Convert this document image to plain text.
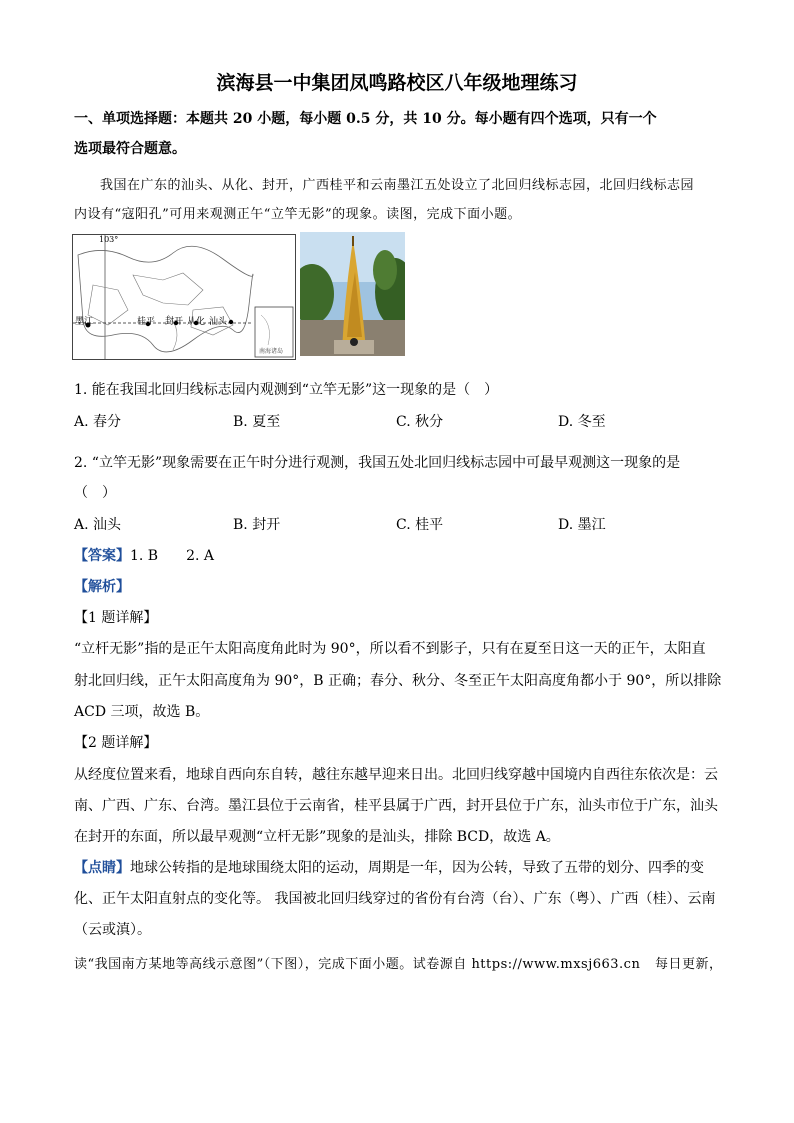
滨海县一中集团凤鸣路校区八年级地理练习
一、单项选择题：本题共 20 小题，每小题 0.5 分，共 10 分。每小题有四个选项，只有一个
选项最符合题意。
我国在广东的汕头、从化、封开，广西桂平和云南墨江五处设立了北回归线标志园，北回归线标志园
内设有“寇阳孔”可用来观测正午“立竿无影”的现象。读图，完成下面小题。
103°
墨江	桂平 封开 从化 汕头
南海诸岛
1. 能在我国北回归线标志园内观测到“立竿无影”这一现象的是（　）
A. 春分	B. 夏至	C. 秋分	D. 冬至
2. “立竿无影”现象需要在正午时分进行观测，我国五处北回归线标志园中可最早观测这一现象的是
（　）
A. 汕头	B. 封开	C. 桂平	D. 墨江
【答案】1. B　　2. A
【解析】
【1 题详解】
“立杆无影”指的是正午太阳高度角此时为 90°，所以看不到影子，只有在夏至日这一天的正午，太阳直
射北回归线，正午太阳高度角为 90°，B 正确；春分、秋分、冬至正午太阳高度角都小于 90°，所以排除
ACD 三项，故选 B。
【2 题详解】
从经度位置来看，地球自西向东自转，越往东越早迎来日出。北回归线穿越中国境内自西往东依次是：云
南、广西、广东、台湾。墨江县位于云南省，桂平县属于广西，封开县位于广东，汕头市位于广东，汕头
在封开的东面，所以最早观测“立杆无影”现象的是汕头，排除 BCD，故选 A。
【点睛】地球公转指的是地球围绕太阳的运动，周期是一年，因为公转，导致了五带的划分、四季的变
化、正午太阳直射点的变化等。 我国被北回归线穿过的省份有台湾（台）、广东（粤）、广西（桂）、云南
（云或滇）。
读“我国南方某地等高线示意图”（下图），完成下面小题。试卷源自 https://www.mxsj663.cn 每日更新，
